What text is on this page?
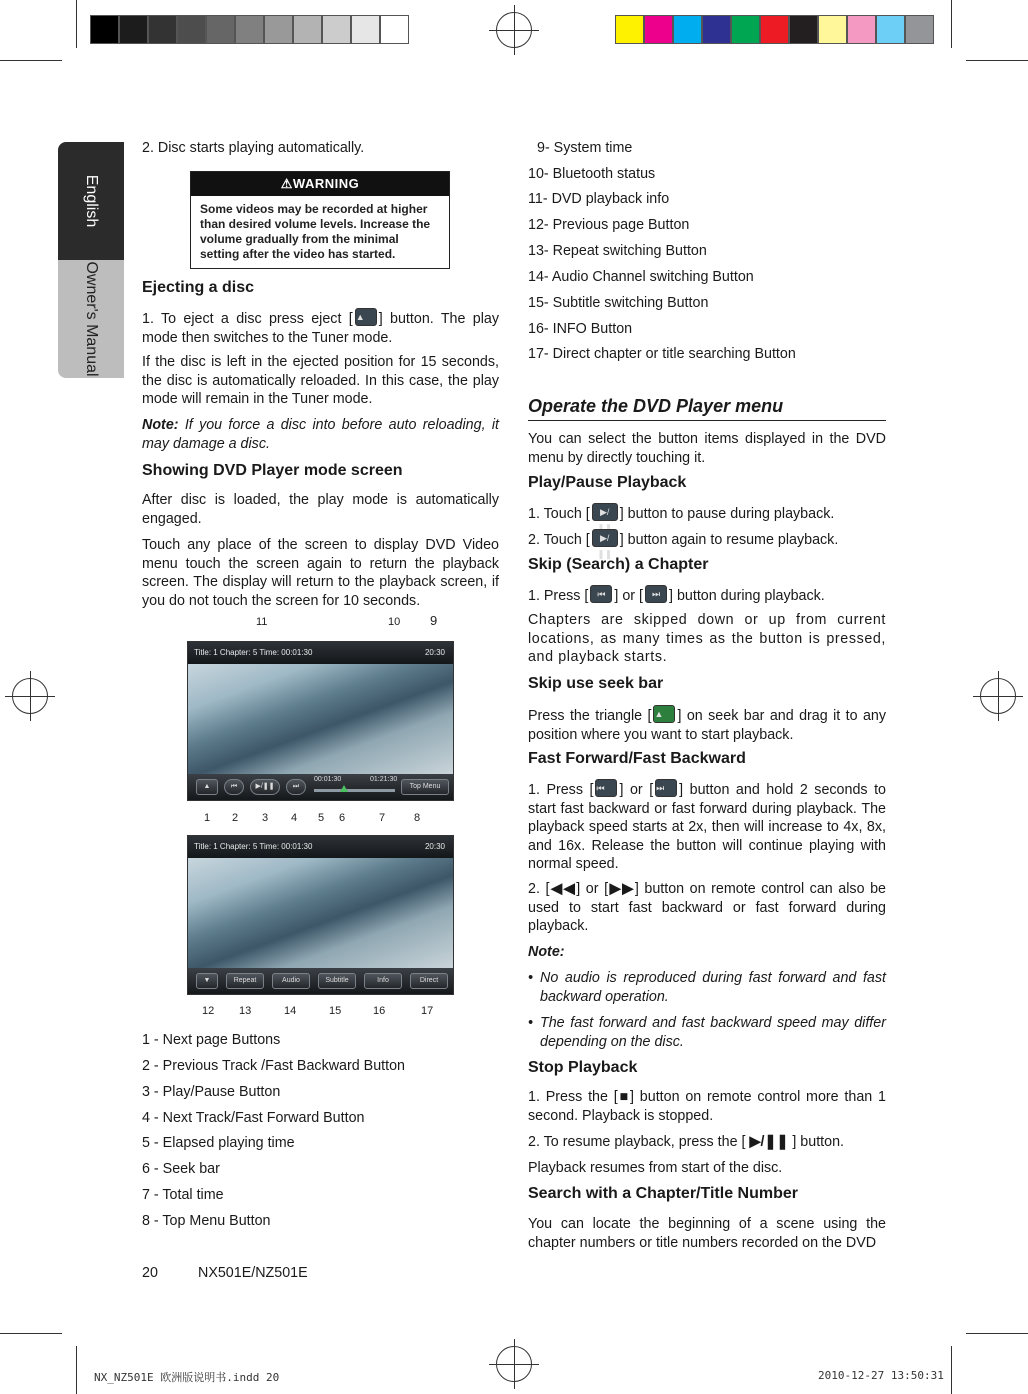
English
Owner's Manual

2. Disc starts playing automatically.

⚠WARNING
Some videos may be recorded at higher than desired volume levels. Increase the volume gradually from the minimal setting after the video has started.
Ejecting a disc

1. To eject a disc press eject [ ▲ ] button. The play mode then switches to the Tuner mode.

If the disc is left in the ejected position for 15 seconds, the disc is automatically reloaded. In this case, the play mode will remain in the Tuner mode.

Note: If you force a disc into before auto reloading, it may damage a disc.

Showing DVD Player mode screen

After disc is loaded, the play mode is automatically engaged.

Touch any place of the screen to display DVD Video menu touch the screen again to return the playback screen. The display will return to the playback screen, if you do not touch the screen for 10 seconds.

11	10 9
Title: 1 Chapter: 5 Time: 00:01:30	20:30
▲	⏮	▶/❚❚	⏭
00:01:30	01:21:30
Top Menu
1 2 3 4 5 6	7	8
Title: 1 Chapter: 5 Time: 00:01:30	20:30
▼	Repeat	Audio	Subtitle	Info	Direct
12 13	14	15	16	17

1 - Next page Buttons

2 - Previous Track /Fast Backward Button

3 - Play/Pause Button

4 - Next Track/Fast Forward Button

5 - Elapsed playing time

6 - Seek bar

7 - Total time

8 - Top Menu Button

9- System time

10- Bluetooth status

11- DVD playback info

12- Previous page Button

13- Repeat switching Button

14- Audio Channel switching Button

15- Subtitle switching Button

16- INFO Button

17- Direct chapter or title searching Button

Operate the DVD Player menu

You can select the button items displayed in the DVD menu by directly touching it.

Play/Pause Playback

1. Touch [ ▶/❚❚ ] button to pause during playback.

2. Touch [ ▶/❚❚ ] button again to resume playback.

Skip (Search) a Chapter

1. Press [ ⏮ ] or [ ⏭ ] button during playback.

Chapters are skipped down or up from current locations, as many times as the button is pressed, and playback starts.

Skip use seek bar

Press the triangle [ ▲ ] on seek bar and drag it to any position where you want to start playback.

Fast Forward/Fast Backward

1. Press [ ⏮ ] or [ ⏭ ] button and hold 2 seconds to start fast backward or fast forward during playback. The playback speed starts at 2x, then will increase to 4x, 8x, and 16x. Release the button will continue playing with normal speed.

2. [◀◀] or [▶▶] button on remote control can also be used to start fast backward or fast forward during playback.

Note:

• No audio is reproduced during fast forward and fast backward operation.

• The fast forward and fast backward speed may differ depending on the disc.

Stop Playback

1. Press the [■] button on remote control more than 1 second. Playback is stopped.

2. To resume playback, press the [ ▶/❚❚ ] button.

Playback resumes from start of the disc.

Search with a Chapter/Title Number

You can locate the beginning of a scene using the chapter numbers or title numbers recorded on the DVD

20	NX501E/NZ501E
NX_NZ501E 欧洲版说明书.indd 20	2010-12-27 13:50:31
